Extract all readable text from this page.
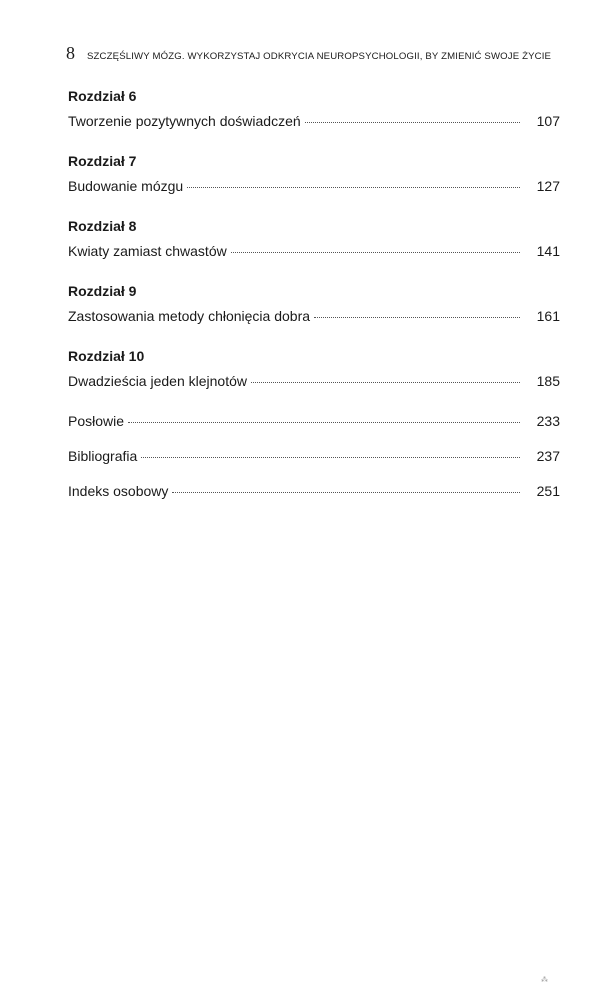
8 SZCZĘŚLIWY MÓZG. WYKORZYSTAJ ODKRYCIA NEUROPSYCHOLOGII, BY ZMIENIĆ SWOJE ŻYCIE
Rozdział 6
Tworzenie pozytywnych doświadczeń	107
Rozdział 7
Budowanie mózgu	127
Rozdział 8
Kwiaty zamiast chwastów	141
Rozdział 9
Zastosowania metody chłonięcia dobra	161
Rozdział 10
Dwadzieścia jeden klejnotów	185
Posłowie	233
Bibliografia	237
Indeks osobowy	251
⁂
